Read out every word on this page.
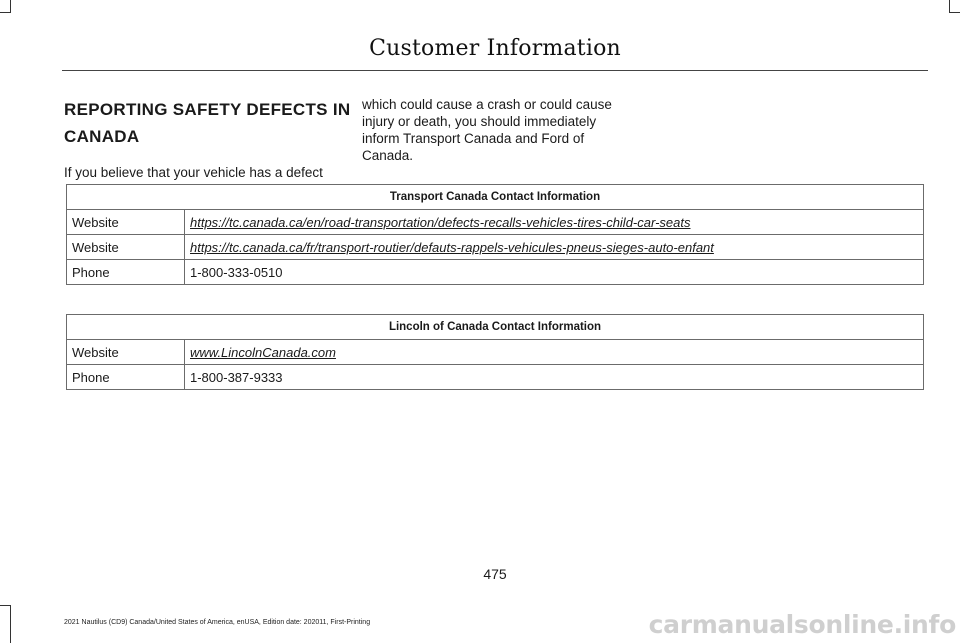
Customer Information
REPORTING SAFETY DEFECTS IN
CANADA
If you believe that your vehicle has a defect
which could cause a crash or could cause injury or death, you should immediately inform Transport Canada and Ford of Canada.
Transport Canada Contact Information	
Website	https://tc.canada.ca/en/road-transportation/defects-recalls-vehicles-tires-child-car-seats
Website	https://tc.canada.ca/fr/transport-routier/defauts-rappels-vehicules-pneus-sieges-auto-enfant
Phone	1-800-333-0510
Lincoln of Canada Contact Information	
Website	www.LincolnCanada.com
Phone	1-800-387-9333
475
2021 Nautilus (CD9) Canada/United States of America, enUSA, Edition date: 202011, First-Printing	carmanualsonline.info
